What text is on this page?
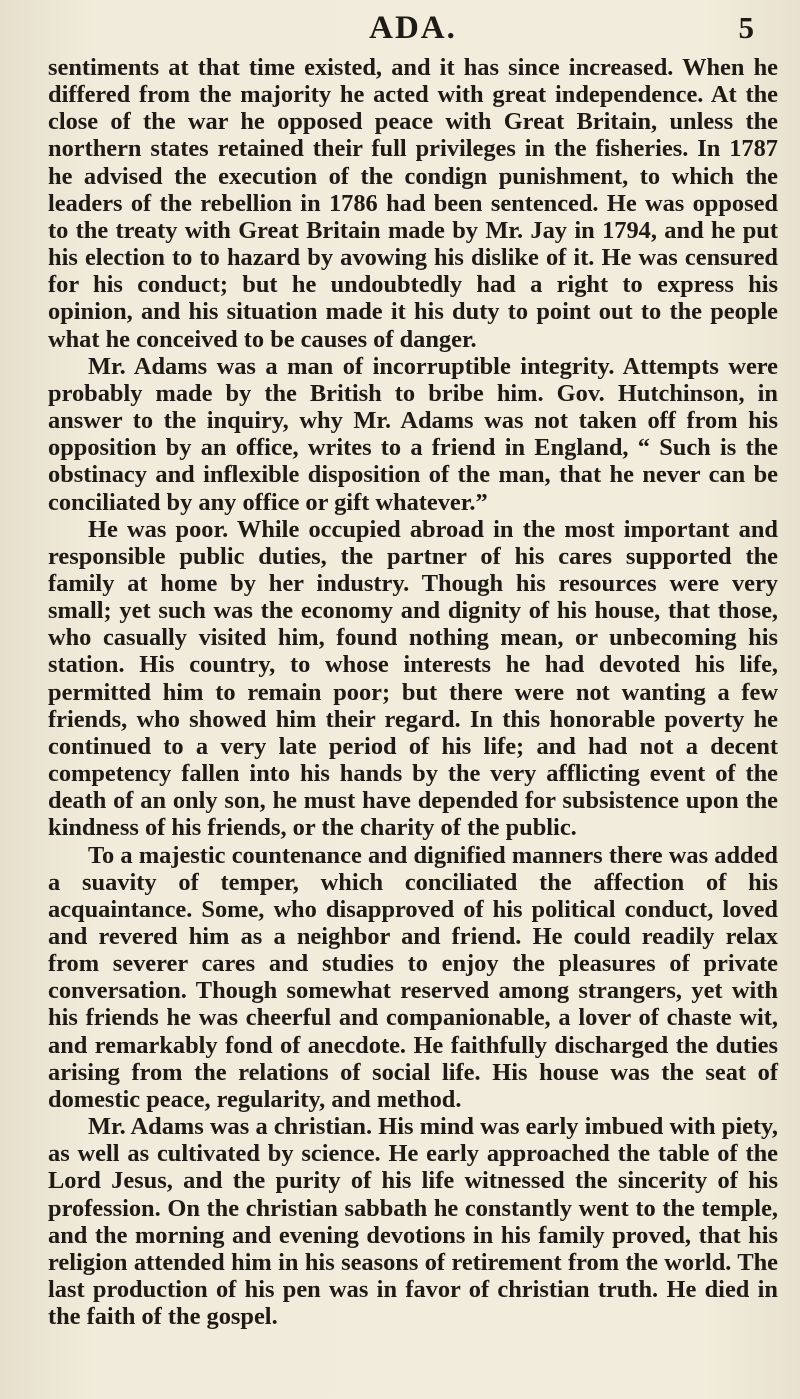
ADA.	5

sentiments at that time existed, and it has since increased. When he differed from the majority he acted with great independence. At the close of the war he opposed peace with Great Britain, unless the northern states retained their full privileges in the fisheries. In 1787 he advised the execution of the condign punishment, to which the leaders of the rebellion in 1786 had been sentenced. He was opposed to the treaty with Great Britain made by Mr. Jay in 1794, and he put his election to to hazard by avowing his dislike of it. He was censured for his conduct; but he undoubtedly had a right to express his opinion, and his situation made it his duty to point out to the people what he conceived to be causes of danger.

Mr. Adams was a man of incorruptible integrity. Attempts were probably made by the British to bribe him. Gov. Hutchinson, in answer to the inquiry, why Mr. Adams was not taken off from his opposition by an office, writes to a friend in England, “ Such is the obstinacy and inflexible disposition of the man, that he never can be conciliated by any office or gift whatever.”

He was poor. While occupied abroad in the most important and responsible public duties, the partner of his cares supported the family at home by her industry. Though his resources were very small; yet such was the economy and dignity of his house, that those, who casually visited him, found nothing mean, or unbecoming his station. His country, to whose interests he had devoted his life, permitted him to remain poor; but there were not wanting a few friends, who showed him their regard. In this honorable poverty he continued to a very late period of his life; and had not a decent competency fallen into his hands by the very afflicting event of the death of an only son, he must have depended for subsistence upon the kindness of his friends, or the charity of the public.

To a majestic countenance and dignified manners there was added a suavity of temper, which conciliated the affection of his acquaintance. Some, who disapproved of his political conduct, loved and revered him as a neighbor and friend. He could readily relax from severer cares and studies to enjoy the pleasures of private conversation. Though somewhat reserved among strangers, yet with his friends he was cheerful and companionable, a lover of chaste wit, and remarkably fond of anecdote. He faithfully discharged the duties arising from the relations of social life. His house was the seat of domestic peace, regularity, and method.

Mr. Adams was a christian. His mind was early imbued with piety, as well as cultivated by science. He early approached the table of the Lord Jesus, and the purity of his life witnessed the sincerity of his profession. On the christian sabbath he constantly went to the temple, and the morning and evening devotions in his family proved, that his religion attended him in his seasons of retirement from the world. The last production of his pen was in favor of christian truth. He died in the faith of the gospel.
